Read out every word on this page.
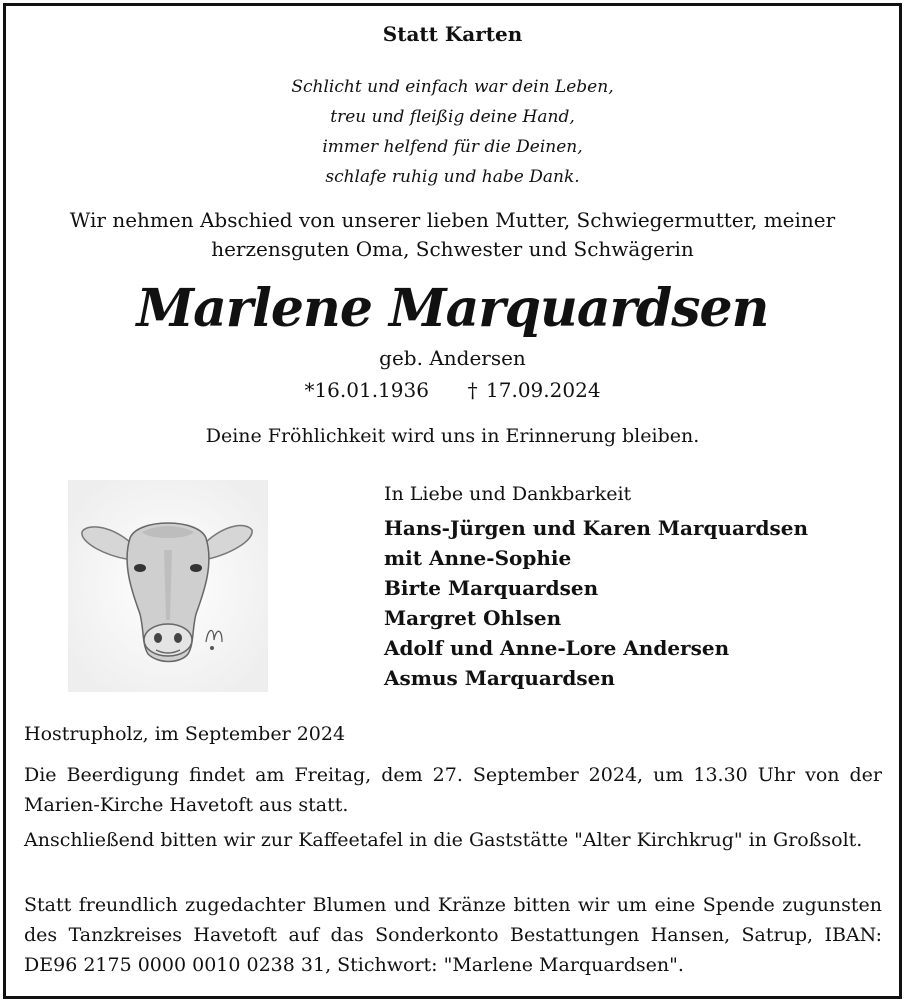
Statt Karten
Schlicht und einfach war dein Leben,
treu und fleißig deine Hand,
immer helfend für die Deinen,
schlafe ruhig und habe Dank.
Wir nehmen Abschied von unserer lieben Mutter, Schwiegermutter, meiner
herzensguten Oma, Schwester und Schwägerin
Marlene Marquardsen
geb. Andersen
*16.01.1936 † 17.09.2024
Deine Fröhlichkeit wird uns in Erinnerung bleiben.
In Liebe und Dankbarkeit
Hans-Jürgen und Karen Marquardsen
mit Anne-Sophie
Birte Marquardsen
Margret Ohlsen
Adolf und Anne-Lore Andersen
Asmus Marquardsen
Hostrupholz, im September 2024
Die Beerdigung findet am Freitag, dem 27. September 2024, um 13.30 Uhr von der Marien-Kirche Havetoft aus statt.
Anschließend bitten wir zur Kaffeetafel in die Gaststätte "Alter Kirchkrug" in Großsolt.
Statt freundlich zugedachter Blumen und Kränze bitten wir um eine Spende zugunsten des Tanzkreises Havetoft auf das Sonderkonto Bestattungen Hansen, Satrup, IBAN: DE96 2175 0000 0010 0238 31, Stichwort: "Marlene Marquardsen".
